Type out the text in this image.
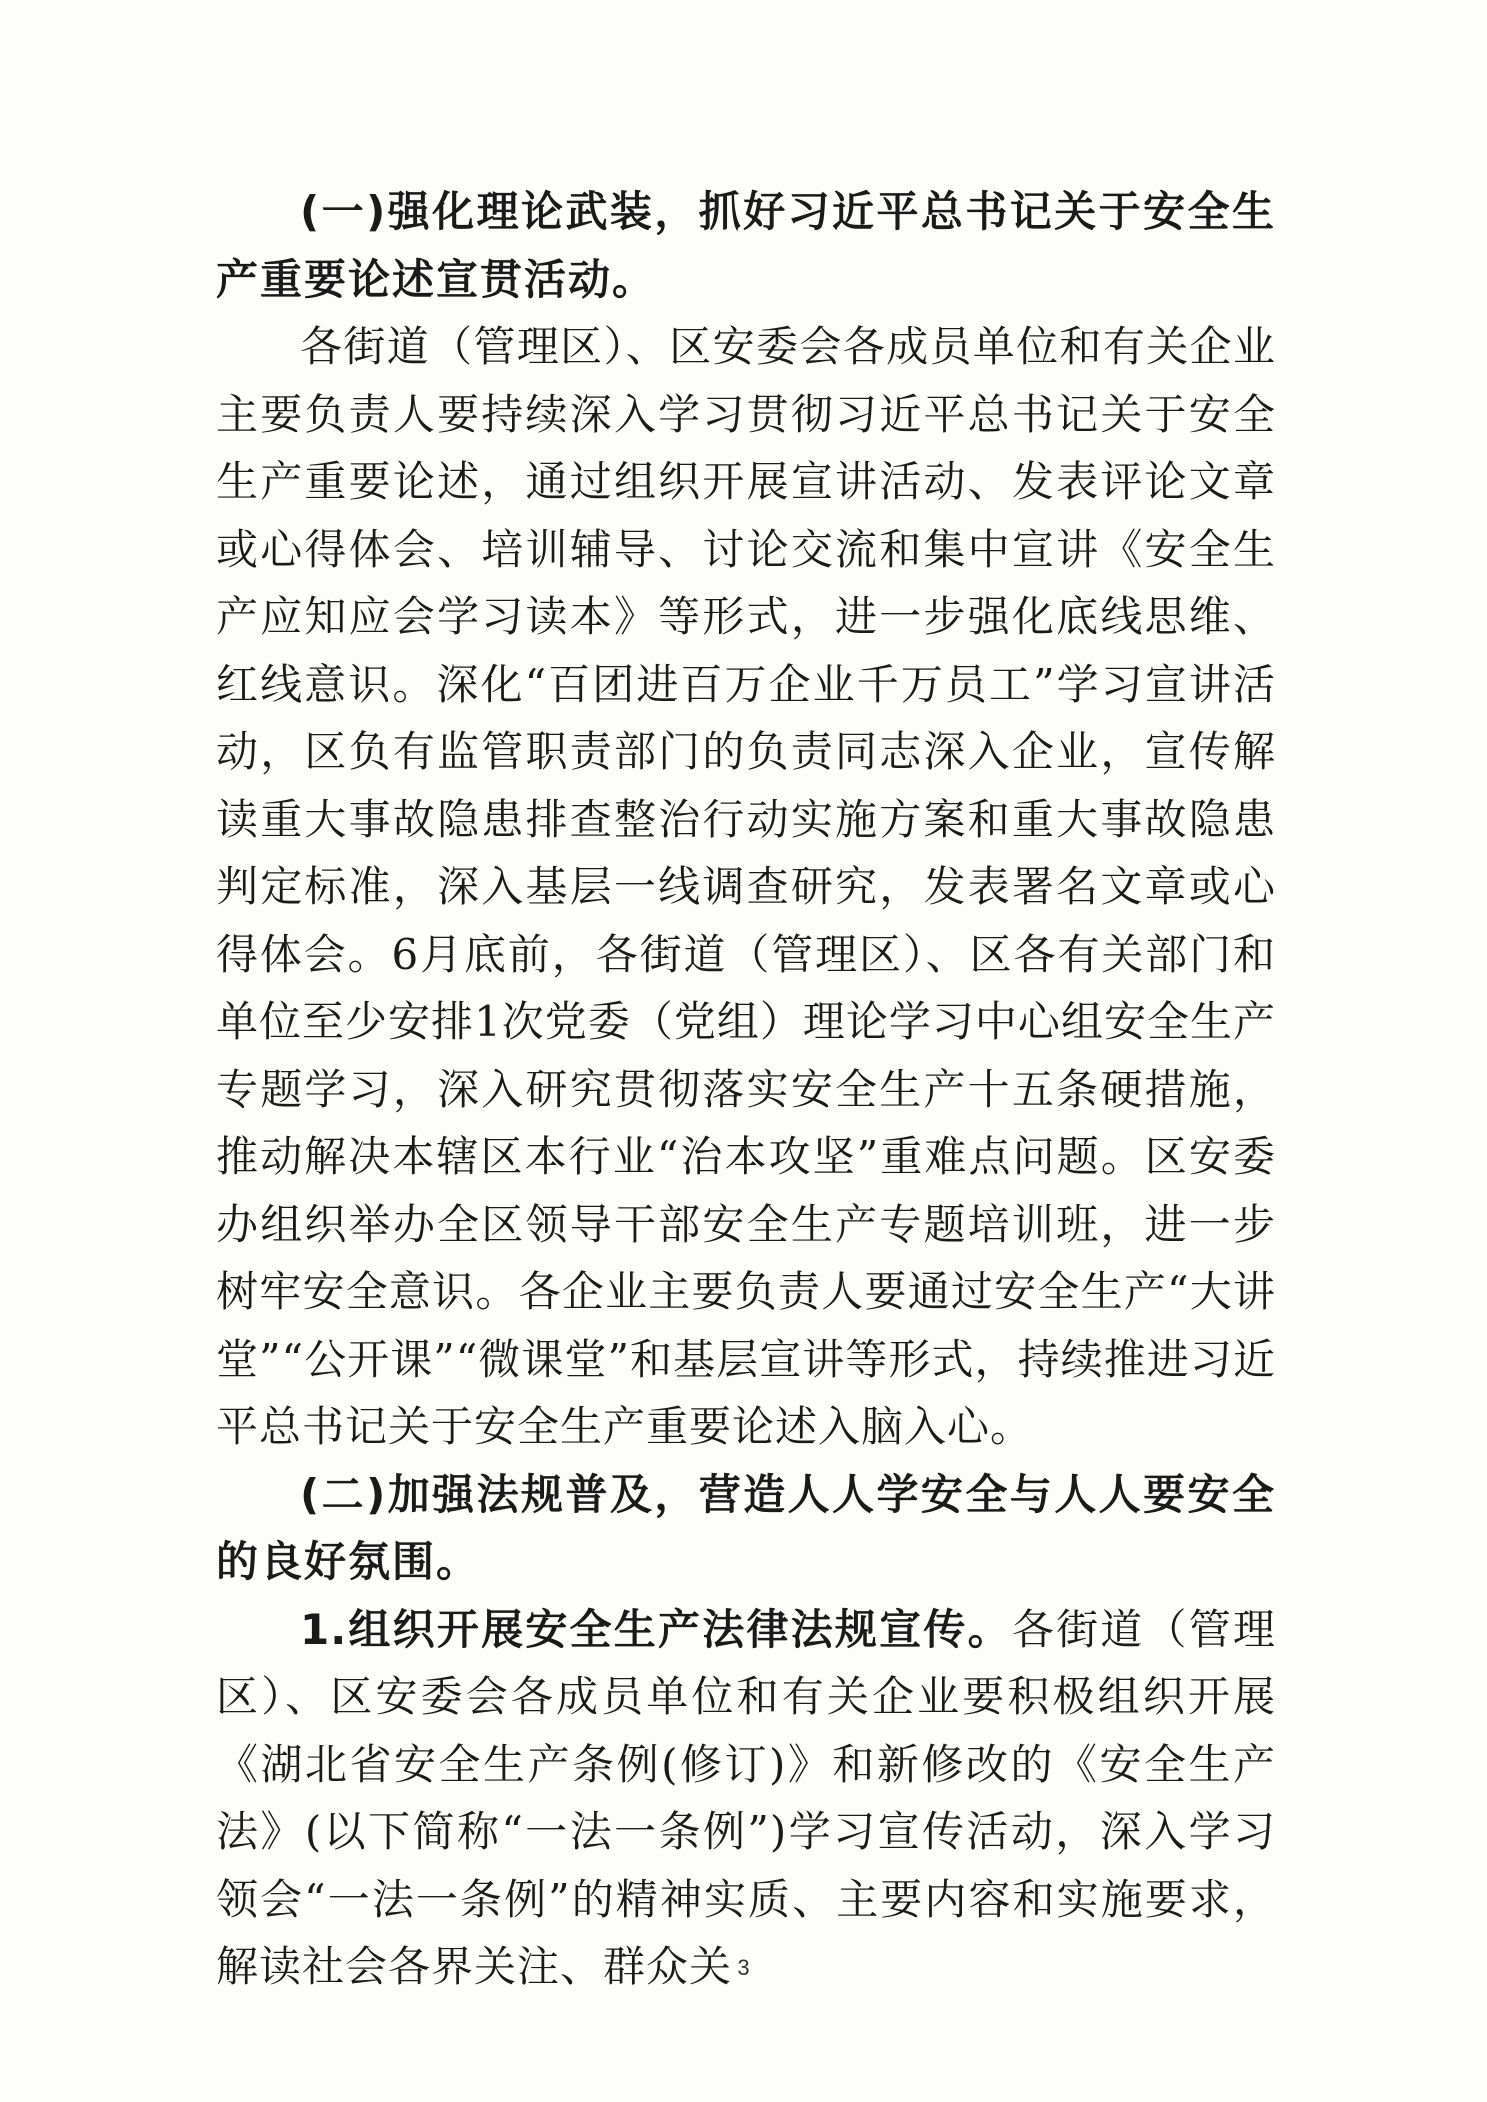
(一)强化理论武装，抓好习近平总书记关于安全生产重要论述宣贯活动。

各街道（管理区）、区安委会各成员单位和有关企业主要负责人要持续深入学习贯彻习近平总书记关于安全生产重要论述，通过组织开展宣讲活动、发表评论文章或心得体会、培训辅导、讨论交流和集中宣讲《安全生产应知应会学习读本》等形式，进一步强化底线思维、红线意识。深化“百团进百万企业千万员工”学习宣讲活动，区负有监管职责部门的负责同志深入企业，宣传解读重大事故隐患排查整治行动实施方案和重大事故隐患判定标准，深入基层一线调查研究，发表署名文章或心得体会。6月底前，各街道（管理区）、区各有关部门和单位至少安排1次党委（党组）理论学习中心组安全生产专题学习，深入研究贯彻落实安全生产十五条硬措施，推动解决本辖区本行业“治本攻坚”重难点问题。区安委办组织举办全区领导干部安全生产专题培训班，进一步树牢安全意识。各企业主要负责人要通过安全生产“大讲堂”“公开课”“微课堂”和基层宣讲等形式，持续推进习近平总书记关于安全生产重要论述入脑入心。

(二)加强法规普及，营造人人学安全与人人要安全的良好氛围。

1.组织开展安全生产法律法规宣传。各街道（管理区）、区安委会各成员单位和有关企业要积极组织开展《湖北省安全生产条例(修订)》和新修改的《安全生产法》(以下简称“一法一条例”)学习宣传活动，深入学习领会“一法一条例”的精神实质、主要内容和实施要求，解读社会各界关注、群众关 3
